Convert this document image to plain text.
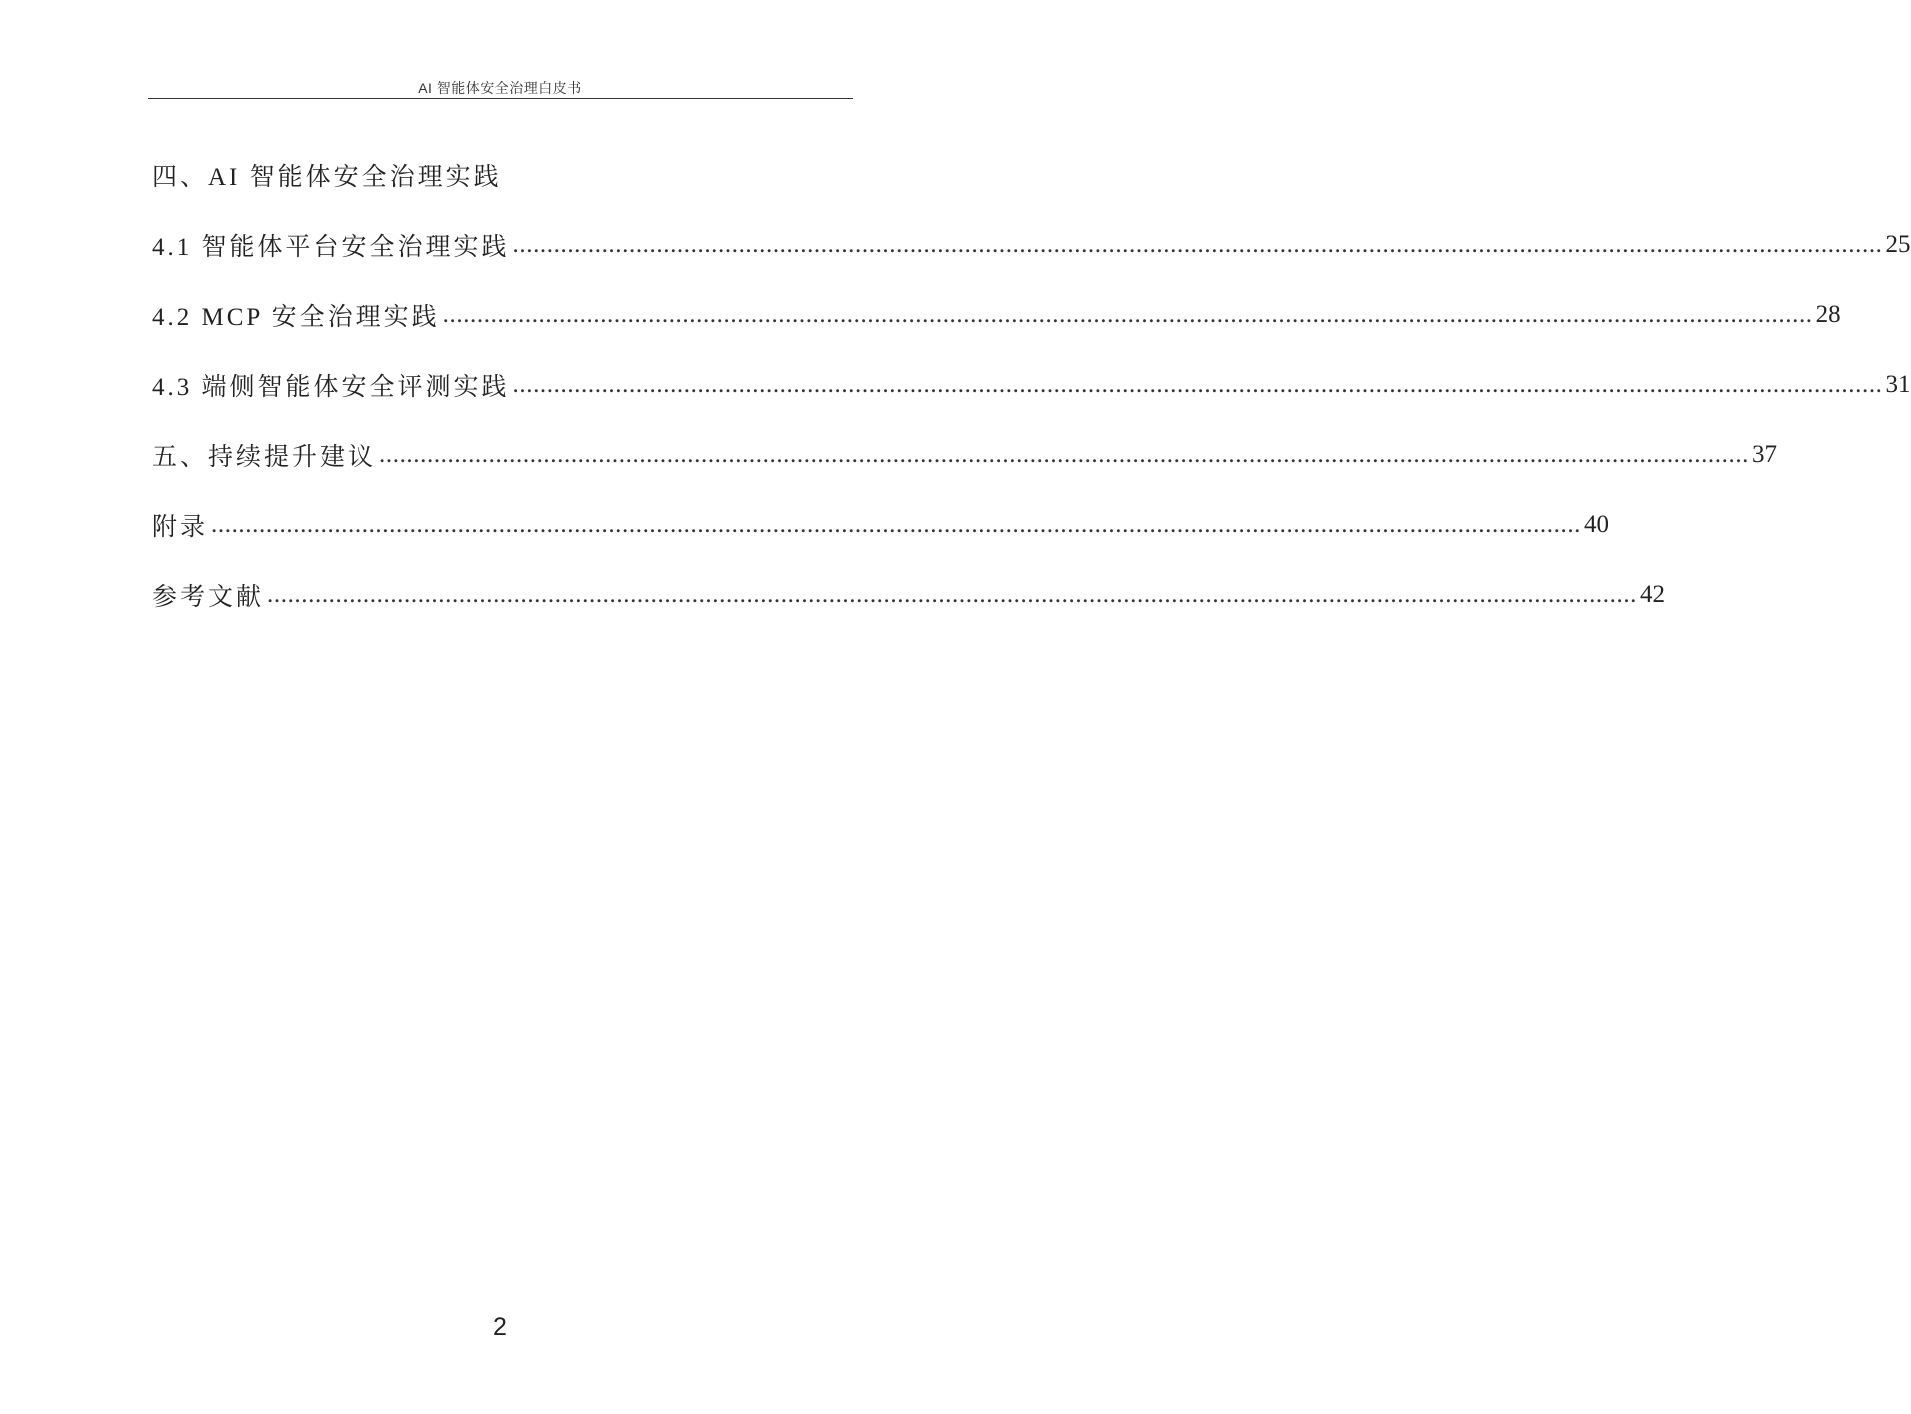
AI 智能体安全治理白皮书
四、AI 智能体安全治理实践
4.1 智能体平台安全治理实践 ........................................................................................................................................................................................................ 25
4.2 MCP 安全治理实践 ........................................................................................................................................................................................................ 28
4.3 端侧智能体安全评测实践 ........................................................................................................................................................................................................ 31
五、持续提升建议 ........................................................................................................................................................................................................ 37
附录 ........................................................................................................................................................................................................ 40
参考文献 ........................................................................................................................................................................................................ 42
2
